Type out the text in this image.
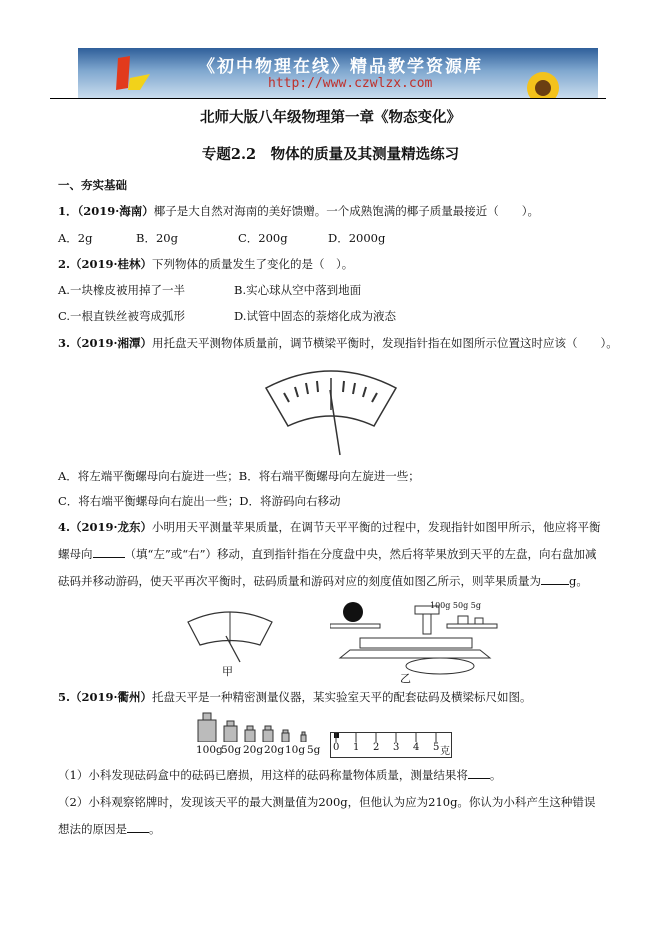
《初中物理在线》精品教学资源库
http://www.czwlzx.com
北师大版八年级物理第一章《物态变化》
专题2.2　物体的质量及其测量精选练习
一、夯实基础
1．（2019·海南）椰子是大自然对海南的美好馈赠。一个成熟饱满的椰子质量最接近（　　）。
A．2g	B．20g	C．200g	D．2000g
2.（2019·桂林）下列物体的质量发生了变化的是（　）。
A.一块橡皮被用掉了一半	B.实心球从空中落到地面
C.一根直铁丝被弯成弧形	D.试管中固态的萘熔化成为液态
3.（2019·湘潭）用托盘天平测物体质量前，调节横梁平衡时，发现指针指在如图所示位置这时应该（　　）。
A．将左端平衡螺母向右旋进一些；B．将右端平衡螺母向左旋进一些；
C．将右端平衡螺母向右旋出一些；D．将游码向右移动
4.（2019·龙东）小明用天平测量苹果质量，在调节天平平衡的过程中，发现指针如图甲所示，他应将平衡
螺母向	（填“左”或“右”）移动，直到指针指在分度盘中央，然后将苹果放到天平的左盘，向右盘加减
砝码并移动游码，使天平再次平衡时，砝码质量和游码对应的刻度值如图乙所示，则苹果质量为 g。
甲
100g 50g 5g
乙
5.（2019·衢州）托盘天平是一种精密测量仪器，某实验室天平的配套砝码及横梁标尺如图。
100g
50g 20g 20g 10g 5g 0 1 2 3 4 5 克
（1）小科发现砝码盒中的砝码已磨损，用这样的砝码称量物体质量，测量结果将 。
（2）小科观察铭牌时，发现该天平的最大测量值为200g，但他认为应为210g。你认为小科产生这种错误
想法的原因是 。
